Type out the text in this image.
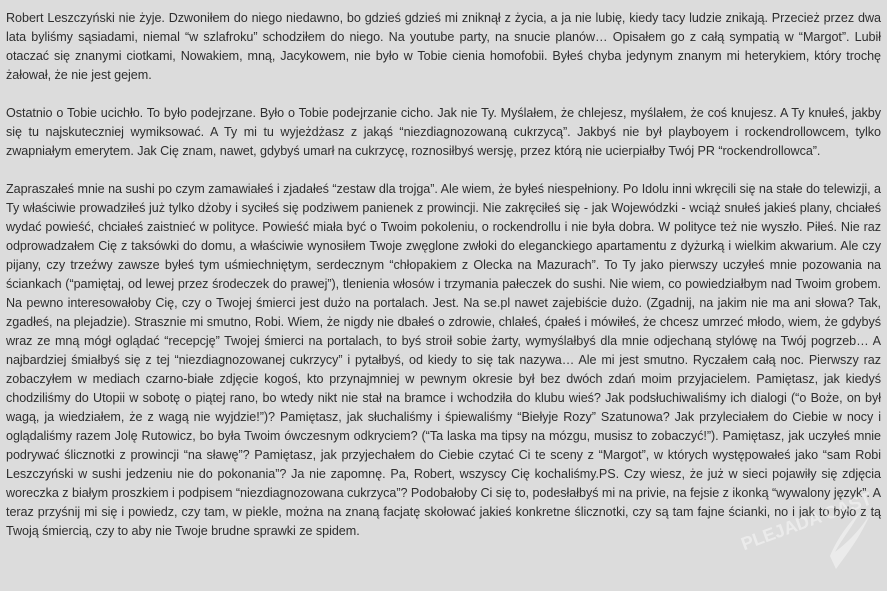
Robert Leszczyński nie żyje. Dzwoniłem do niego niedawno, bo gdzieś gdzieś mi zniknął z życia, a ja nie lubię, kiedy tacy ludzie znikają. Przecież przez dwa lata byliśmy sąsiadami, niemal “w szlafroku” schodziłem do niego. Na youtube party, na snucie planów… Opisałem go z całą sympatią w “Margot”. Lubił otaczać się znanymi ciotkami, Nowakiem, mną, Jacykowem, nie było w Tobie cienia homofobii. Byłeś chyba jedynym znanym mi heterykiem, który trochę żałował, że nie jest gejem.

Ostatnio o Tobie ucichło. To było podejrzane. Było o Tobie podejrzanie cicho. Jak nie Ty. Myślałem, że chlejesz, myślałem, że coś knujesz. A Ty knułeś, jakby się tu najskuteczniej wymiksować. A Ty mi tu wyjeżdżasz z jakąś “niezdiagnozowaną cukrzycą”. Jakbyś nie był playboyem i rockendrollowcem, tylko zwapniałym emerytem. Jak Cię znam, nawet, gdybyś umarł na cukrzycę, roznosiłbyś wersję, przez którą nie ucierpiałby Twój PR “rockendrollowca”.

Zapraszałeś mnie na sushi po czym zamawiałeś i zjadałeś “zestaw dla trojga”. Ale wiem, że byłeś niespełniony. Po Idolu inni wkręcili się na stałe do telewizji, a Ty właściwie prowadziłeś już tylko dżoby i syciłeś się podziwem panienek z prowincji. Nie zakręciłeś się - jak Wojewódzki - wciąż snułeś jakieś plany, chciałeś wydać powieść, chciałeś zaistnieć w polityce. Powieść miała być o Twoim pokoleniu, o rockendrollu i nie była dobra. W polityce też nie wyszło. Piłeś. Nie raz odprowadzałem Cię z taksówki do domu, a właściwie wynosiłem Twoje zwęglone zwłoki do eleganckiego apartamentu z dyżurką i wielkim akwarium. Ale czy pijany, czy trzeźwy zawsze byłeś tym uśmiechniętym, serdecznym “chłopakiem z Olecka na Mazurach”. To Ty jako pierwszy uczyłeś mnie pozowania na ściankach (“pamiętaj, od lewej przez środeczek do prawej”), tlenienia włosów i trzymania pałeczek do sushi. Nie wiem, co powiedziałbym nad Twoim grobem. Na pewno interesowałoby Cię, czy o Twojej śmierci jest dużo na portalach. Jest. Na se.pl nawet zajebiście dużo. (Zgadnij, na jakim nie ma ani słowa? Tak, zgadłeś, na plejadzie). Strasznie mi smutno, Robi. Wiem, że nigdy nie dbałeś o zdrowie, chlałeś, ćpałeś i mówiłeś, że chcesz umrzeć młodo, wiem, że gdybyś wraz ze mną mógł oglądać “recepcję” Twojej śmierci na portalach, to byś stroił sobie żarty, wymyślałbyś dla mnie odjechaną stylówę na Twój pogrzeb… A najbardziej śmiałbyś się z tej “niezdiagnozowanej cukrzycy” i pytałbyś, od kiedy to się tak nazywa… Ale mi jest smutno. Ryczałem całą noc. Pierwszy raz zobaczyłem w mediach czarno-białe zdjęcie kogoś, kto przynajmniej w pewnym okresie był bez dwóch zdań moim przyjacielem. Pamiętasz, jak kiedyś chodziliśmy do Utopii w sobotę o piątej rano, bo wtedy nikt nie stał na bramce i wchodziła do klubu wieś? Jak podsłuchiwaliśmy ich dialogi (“o Boże, on był wagą, ja wiedziałem, że z wagą nie wyjdzie!”)? Pamiętasz, jak słuchaliśmy i śpiewaliśmy “Biełyje Rozy” Szatunowa? Jak przyleciałem do Ciebie w nocy i oglądaliśmy razem Jolę Rutowicz, bo była Twoim ówczesnym odkryciem? (“Ta laska ma tipsy na mózgu, musisz to zobaczyć!”). Pamiętasz, jak uczyłeś mnie podrywać ślicznotki z prowincji “na sławę”? Pamiętasz, jak przyjechałem do Ciebie czytać Ci te sceny z “Margot”, w których występowałeś jako “sam Robi Leszczyński w sushi jedzeniu nie do pokonania”? Ja nie zapomnę. Pa, Robert, wszyscy Cię kochaliśmy.PS. Czy wiesz, że już w sieci pojawiły się zdjęcia woreczka z białym proszkiem i podpisem “niezdiagnozowana cukrzyca”? Podobałoby Ci się to, podesłałbyś mi na privie, na fejsie z ikonką “wywalony język”. A teraz przyśnij mi się i powiedz, czy tam, w piekle, można na znaną facjatę skołować jakieś konkretne ślicznotki, czy są tam fajne ścianki, no i jak to było z tą Twoją śmiercią, czy to aby nie Twoje brudne sprawki ze spidem.	PLEJADA CAST
